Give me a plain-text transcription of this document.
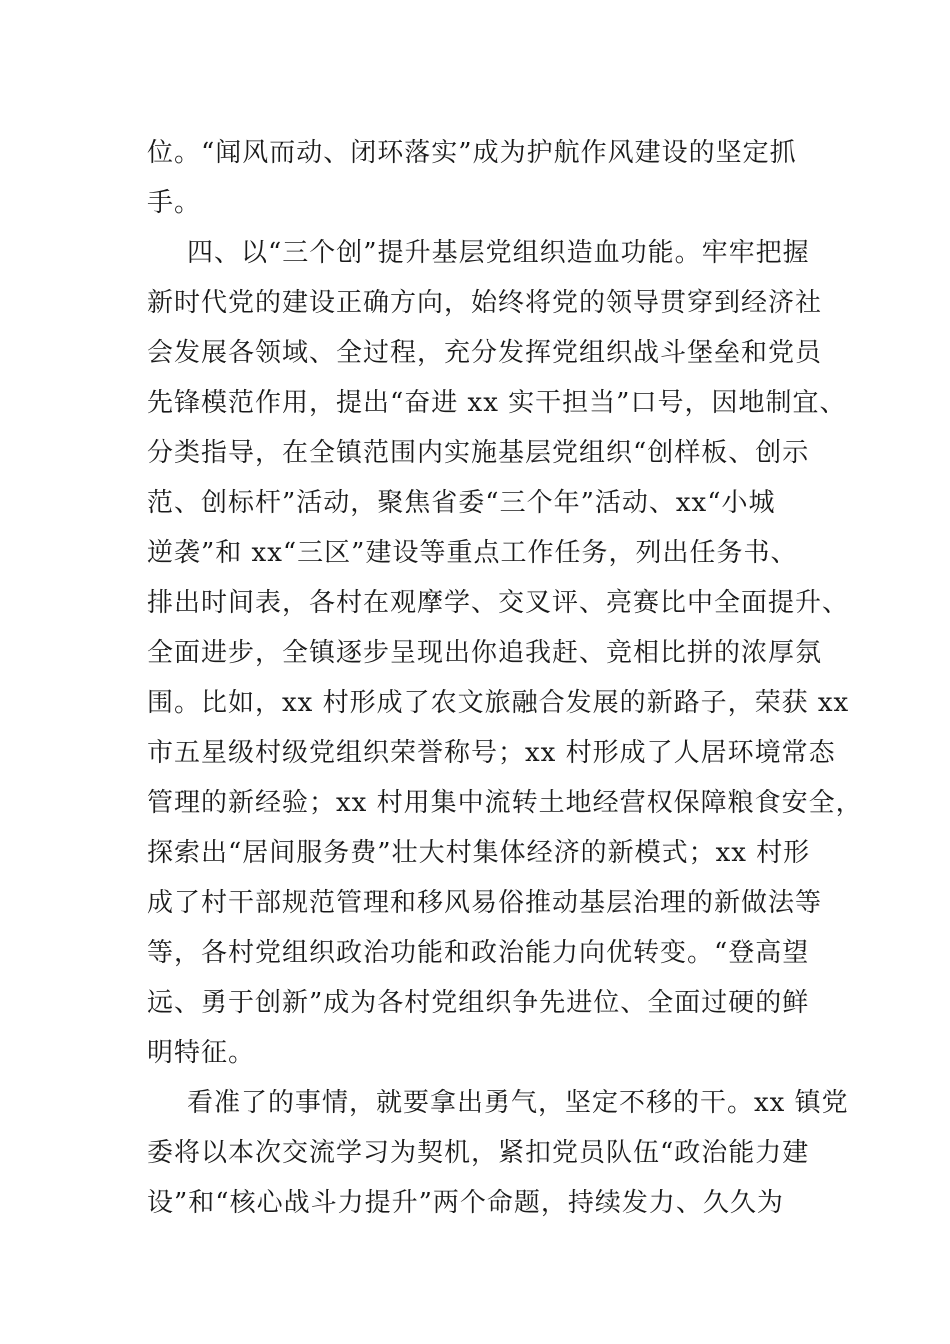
位。“闻风而动、闭环落实”成为护航作风建设的坚定抓
手。
四、以“三个创”提升基层党组织造血功能。牢牢把握
新时代党的建设正确方向，始终将党的领导贯穿到经济社
会发展各领域、全过程，充分发挥党组织战斗堡垒和党员
先锋模范作用，提出“奋进 xx 实干担当”口号，因地制宜、
分类指导，在全镇范围内实施基层党组织“创样板、创示
范、创标杆”活动，聚焦省委“三个年”活动、xx“小城
逆袭”和 xx“三区”建设等重点工作任务，列出任务书、
排出时间表，各村在观摩学、交叉评、亮赛比中全面提升、
全面进步，全镇逐步呈现出你追我赶、竞相比拼的浓厚氛
围。比如，xx 村形成了农文旅融合发展的新路子，荣获 xx
市五星级村级党组织荣誉称号；xx 村形成了人居环境常态
管理的新经验；xx 村用集中流转土地经营权保障粮食安全，
探索出“居间服务费”壮大村集体经济的新模式；xx 村形
成了村干部规范管理和移风易俗推动基层治理的新做法等
等，各村党组织政治功能和政治能力向优转变。“登高望
远、勇于创新”成为各村党组织争先进位、全面过硬的鲜
明特征。
看准了的事情，就要拿出勇气，坚定不移的干。xx 镇党
委将以本次交流学习为契机，紧扣党员队伍“政治能力建
设”和“核心战斗力提升”两个命题，持续发力、久久为
